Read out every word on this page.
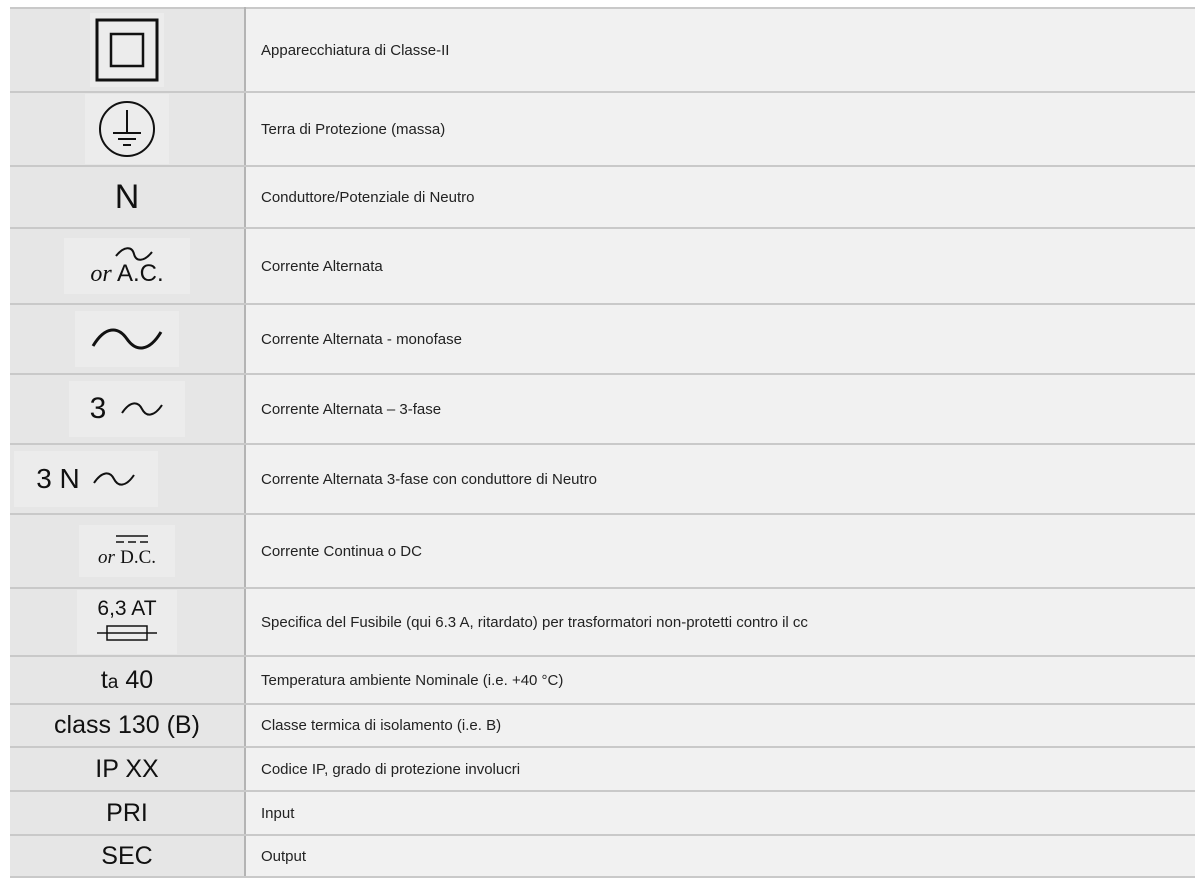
	Apparecchiatura di Classe-II

	Terra di Protezione (massa)
N	Conduttore/Potenziale di Neutro

or A.C.	Corrente Alternata

	Corrente Alternata - monofase

3	Corrente Alternata – 3-fase

3 N	Corrente Alternata 3-fase con conduttore di Neutro

or D.C.	Corrente Continua o DC

6,3 AT	Specifica del Fusibile (qui 6.3 A, ritardato) per trasformatori non-protetti contro il cc
ta 40	Temperatura ambiente Nominale (i.e. +40 °C)
class 130 (B)	Classe termica di isolamento (i.e. B)
IP XX	Codice IP, grado di protezione involucri
PRI	Input
SEC	Output
